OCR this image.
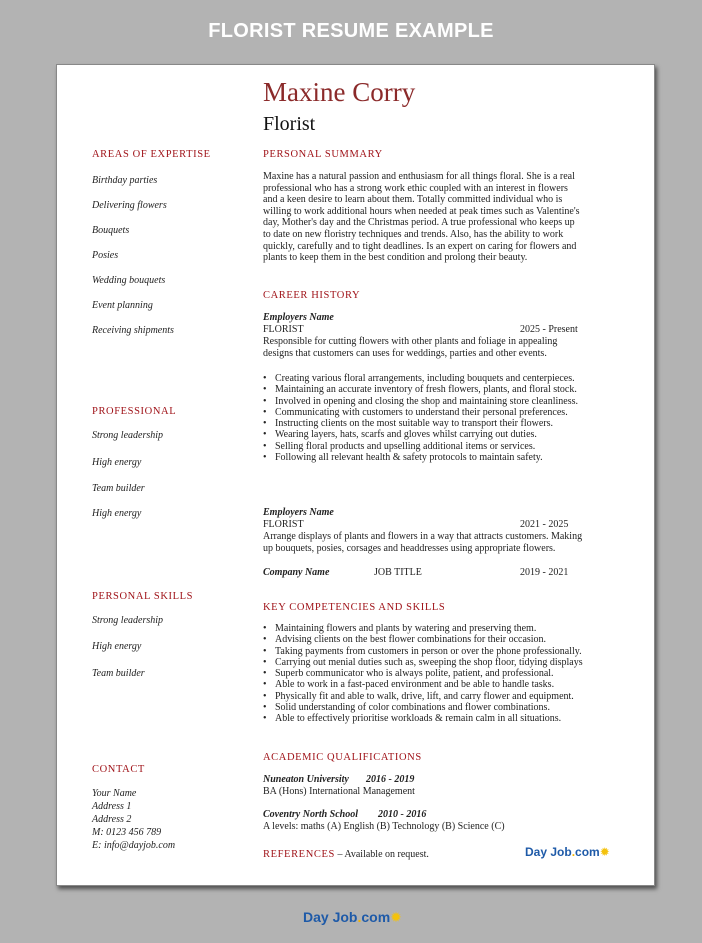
FLORIST RESUME EXAMPLE
Maxine Corry
Florist
AREAS OF EXPERTISE
Birthday parties
Delivering flowers
Bouquets
Posies
Wedding bouquets
Event planning
Receiving shipments
PROFESSIONAL
Strong leadership
High energy
Team builder
High energy
PERSONAL SKILLS
Strong leadership
High energy
Team builder
CONTACT
Your Name
Address 1
Address 2
M: 0123 456 789
E: info@dayjob.com
PERSONAL SUMMARY
Maxine has a natural passion and enthusiasm for all things floral. She is a real
professional who has a strong work ethic coupled with an interest in flowers
and a keen desire to learn about them. Totally committed individual who is
willing to work additional hours when needed at peak times such as Valentine's
day, Mother's day and the Christmas period. A true professional who keeps up
to date on new floristry techniques and trends. Also, has the ability to work
quickly, carefully and to tight deadlines. Is an expert on caring for flowers and
plants to keep them in the best condition and prolong their beauty.
CAREER HISTORY
Employers Name
FLORIST	2025 - Present
Responsible for cutting flowers with other plants and foliage in appealing
designs that customers can uses for weddings, parties and other events.
• Creating various floral arrangements, including bouquets and centerpieces.
• Maintaining an accurate inventory of fresh flowers, plants, and floral stock.
• Involved in opening and closing the shop and maintaining store cleanliness.
• Communicating with customers to understand their personal preferences.
• Instructing clients on the most suitable way to transport their flowers.
• Wearing layers, hats, scarfs and gloves whilst carrying out duties.
• Selling floral products and upselling additional items or services.
• Following all relevant health & safety protocols to maintain safety.
Employers Name
FLORIST	2021 - 2025
Arrange displays of plants and flowers in a way that attracts customers. Making
up bouquets, posies, corsages and headdresses using appropriate flowers.
Company Name	JOB TITLE	2019 - 2021
KEY COMPETENCIES AND SKILLS
• Maintaining flowers and plants by watering and preserving them.
• Advising clients on the best flower combinations for their occasion.
• Taking payments from customers in person or over the phone professionally.
• Carrying out menial duties such as, sweeping the shop floor, tidying displays
• Superb communicator who is always polite, patient, and professional.
• Able to work in a fast-paced environment and be able to handle tasks.
• Physically fit and able to walk, drive, lift, and carry flower and equipment.
• Solid understanding of color combinations and flower combinations.
• Able to effectively prioritise workloads & remain calm in all situations.
ACADEMIC QUALIFICATIONS
Nuneaton University 2016 - 2019
BA (Hons) International Management
Coventry North School 2010 - 2016
A levels: maths (A) English (B) Technology (B) Science (C)
REFERENCES – Available on request.	Day Job.com✹
Day Job.com✹
